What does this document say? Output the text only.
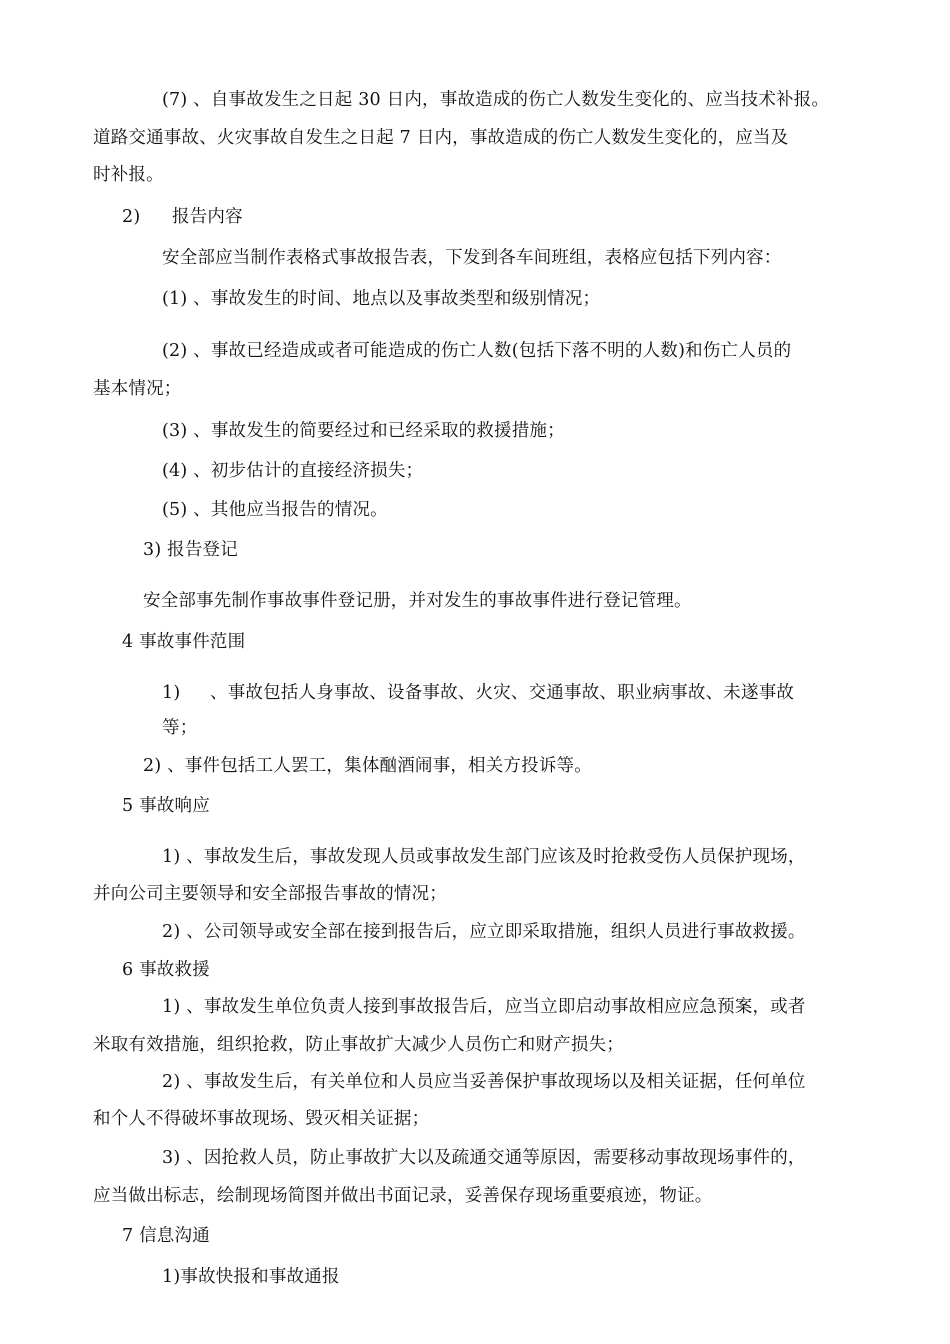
(7) 、自事故发生之日起 30 日内，事故造成的伤亡人数发生变化的、应当技术补报。
道路交通事故、火灾事故自发生之日起 7 日内，事故造成的伤亡人数发生变化的，应当及
时补报。
2) 报告内容
安全部应当制作表格式事故报告表，下发到各车间班组，表格应包括下列内容：
(1) 、事故发生的时间、地点以及事故类型和级别情况；
(2) 、事故已经造成或者可能造成的伤亡人数(包括下落不明的人数)和伤亡人员的
基本情况；
(3) 、事故发生的简要经过和已经采取的救援措施；
(4) 、初步估计的直接经济损失；
(5) 、其他应当报告的情况。
3) 报告登记
安全部事先制作事故事件登记册，并对发生的事故事件进行登记管理。
4 事故事件范围
1) 、事故包括人身事故、设备事故、火灾、交通事故、职业病事故、未遂事故
等；
2) 、事件包括工人罢工，集体酗酒闹事，相关方投诉等。
5 事故响应
1) 、事故发生后，事故发现人员或事故发生部门应该及时抢救受伤人员保护现场，
并向公司主要领导和安全部报告事故的情况；
2) 、公司领导或安全部在接到报告后，应立即采取措施，组织人员进行事故救援。
6 事故救援
1) 、事故发生单位负责人接到事故报告后，应当立即启动事故相应应急预案，或者
米取有效措施，组织抢救，防止事故扩大减少人员伤亡和财产损失；
2) 、事故发生后，有关单位和人员应当妥善保护事故现场以及相关证据，任何单位
和个人不得破坏事故现场、毁灭相关证据；
3) 、因抢救人员，防止事故扩大以及疏通交通等原因，需要移动事故现场事件的，
应当做出标志，绘制现场简图并做出书面记录，妥善保存现场重要痕迹，物证。
7 信息沟通
1)事故快报和事故通报
